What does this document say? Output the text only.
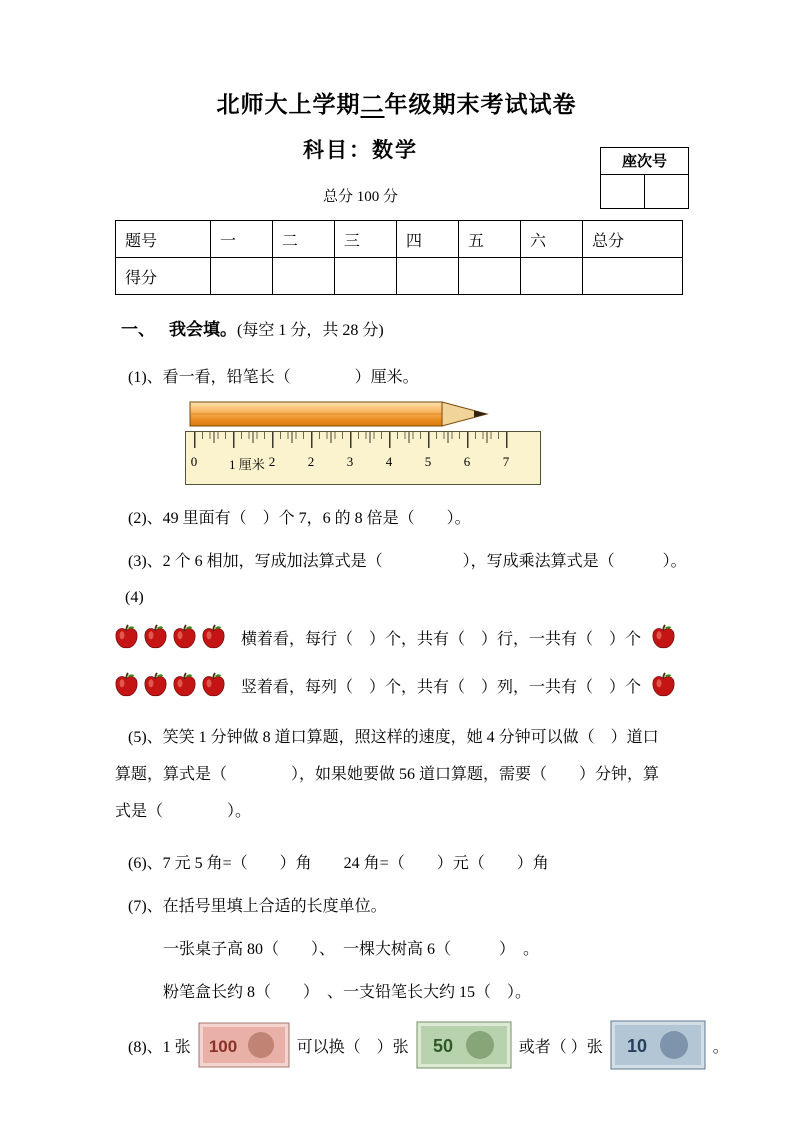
座次号
北师大上学期二年级期末考试试卷
科目：数学
总分 100 分
题号	一	二	三	四	五	六	总分
得分							
一、 我会填。(每空 1 分，共 28 分)

(1)、看一看，铅笔长（　　　　）厘米。

0 1 厘米	2	3	4	5	6	7
2

(2)、49 里面有（　）个 7，6 的 8 倍是（　　）。

(3)、2 个 6 相加，写成加法算式是（　　　　　），写成乘法算式是（　　　）。

(4)

横着看，每行（　）个，共有（　）行，一共有（　）个
竖着看，每列（　）个，共有（　）列，一共有（　）个

(5)、笑笑 1 分钟做 8 道口算题，照这样的速度，她 4 分钟可以做（　）道口

算题，算式是（　　　　），如果她要做 56 道口算题，需要（　　）分钟，算

式是（　　　　）。

(6)、7 元 5 角=（　　）角　　24 角=（　　）元（　　）角

(7)、在括号里填上合适的长度单位。

一张桌子高 80（　　）、　一棵大树高 6（　　　）　。

粉笔盒长约 8（　　）　、一支铅笔长大约 15（　）。

(8)、1 张 100	可以换（　）张 50	或者（ ）张 10	。
